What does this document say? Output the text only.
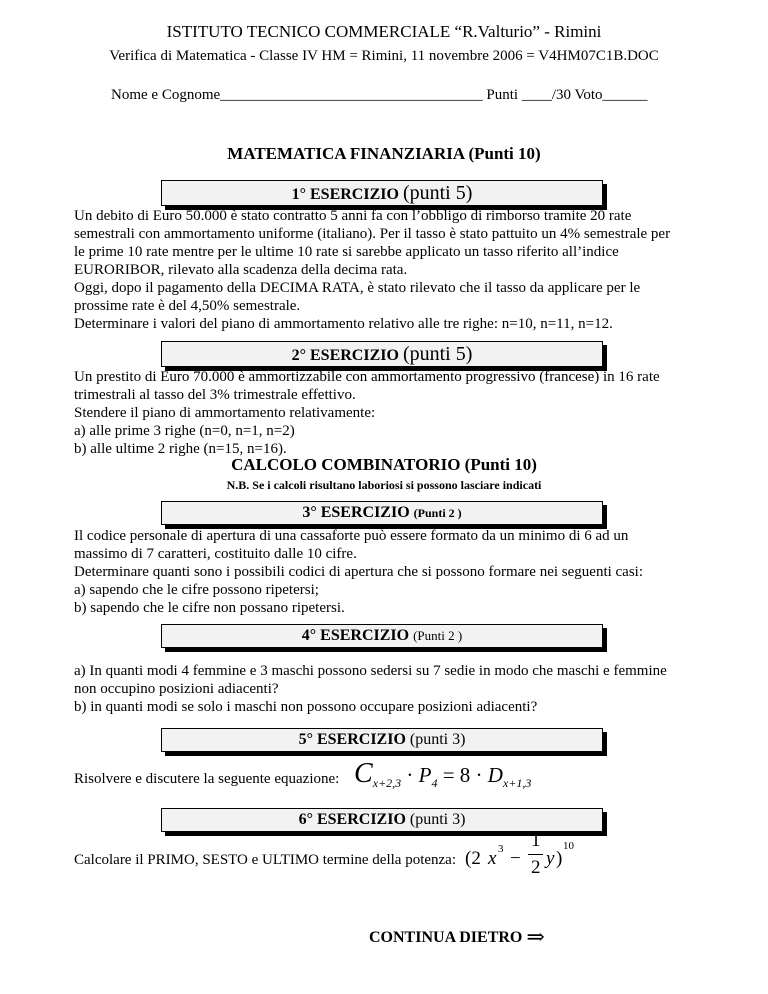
ISTITUTO TECNICO COMMERCIALE “R.Valturio” - Rimini
Verifica di Matematica - Classe IV HM = Rimini, 11 novembre 2006 = V4HM07C1B.DOC
Nome e Cognome___________________________________ Punti ____/30 Voto______
MATEMATICA FINANZIARIA (Punti 10)
1° ESERCIZIO (punti 5)
Un debito di Euro 50.000 è stato contratto 5 anni fa con l’obbligo di rimborso tramite 20 rate
semestrali con ammortamento uniforme (italiano). Per il tasso è stato pattuito un 4% semestrale per
le prime 10 rate mentre per le ultime 10 rate si sarebbe applicato un tasso riferito all’indice
EURORIBOR, rilevato alla scadenza della decima rata.
Oggi, dopo il pagamento della DECIMA RATA, è stato rilevato che il tasso da applicare per le
prossime rate è del 4,50% semestrale.
Determinare i valori del piano di ammortamento relativo alle tre righe: n=10, n=11, n=12.
2° ESERCIZIO (punti 5)
Un prestito di Euro 70.000 è ammortizzabile con ammortamento progressivo (francese) in 16 rate
trimestrali al tasso del 3% trimestrale effettivo.
Stendere il piano di ammortamento relativamente:
a) alle prime 3 righe (n=0, n=1, n=2)
b) alle ultime 2 righe (n=15, n=16).
CALCOLO COMBINATORIO (Punti 10)
N.B. Se i calcoli risultano laboriosi si possono lasciare indicati
3° ESERCIZIO (Punti 2 )
Il codice personale di apertura di una cassaforte può essere formato da un minimo di 6 ad un
massimo di 7 caratteri, costituito dalle 10 cifre.
Determinare quanti sono i possibili codici di apertura che si possono formare nei seguenti casi:
a) sapendo che le cifre possono ripetersi;
b) sapendo che le cifre non possano ripetersi.
4° ESERCIZIO (Punti 2 )
a) In quanti modi 4 femmine e 3 maschi possono sedersi su 7 sedie in modo che maschi e femmine
non occupino posizioni adiacenti?
b) in quanti modi se solo i maschi non possono occupare posizioni adiacenti?
5° ESERCIZIO (punti 3)
Risolvere e discutere la seguente equazione: $C_{x+2,3} \cdot P_4 = 8 \cdot D_{x+1,3}$
6° ESERCIZIO (punti 3)
Calcolare il PRIMO, SESTO e ULTIMO termine della potenza: (2 x 3 −
1
2 y )
10
CONTINUA DIETRO ⇒
